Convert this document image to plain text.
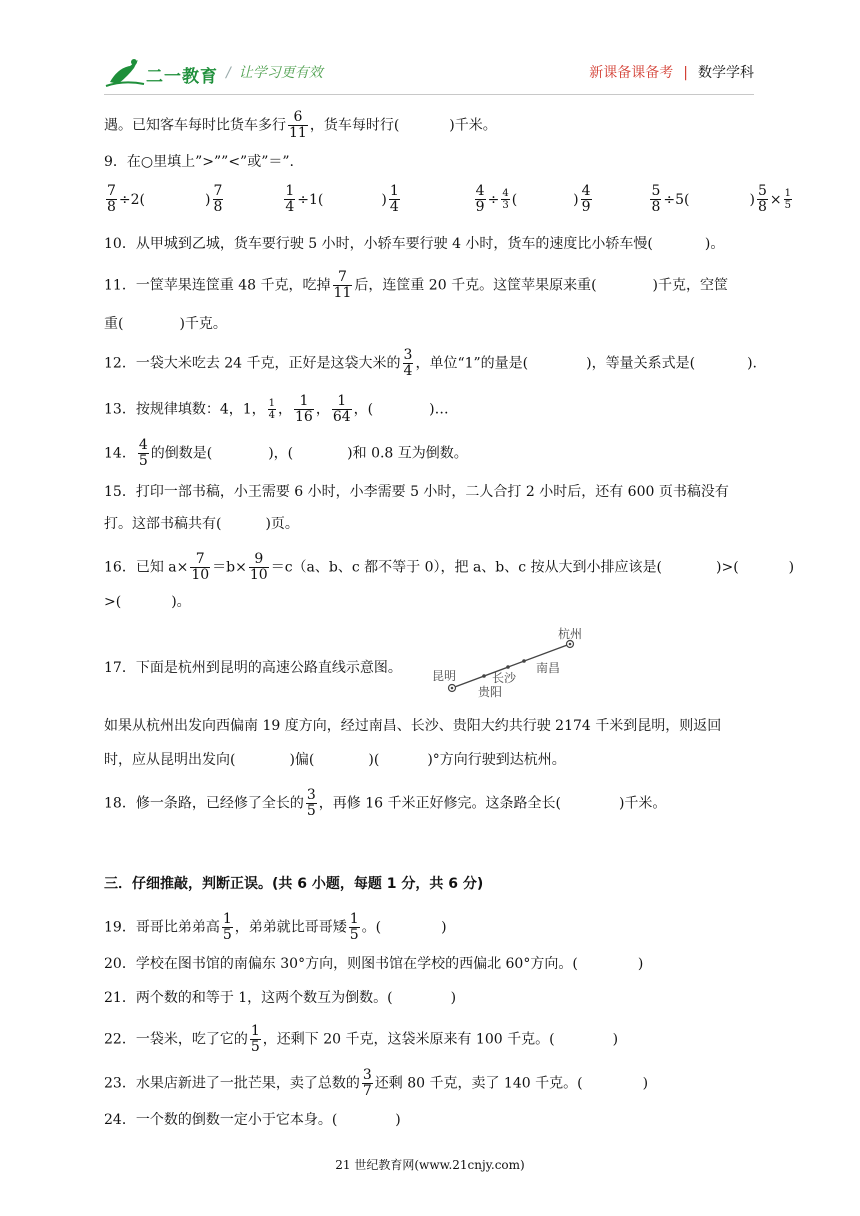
二一教育 / 让学习更有效	新课备课备考 | 数学学科
遇。已知客车每时比货车多行 $\frac{6}{11}$ ，货车每时行(	)千米。
9．在○里填上”>””<”或”＝”.
$\frac{7}{8} \div 2$(	) $\frac{7}{8}$
	$\frac{1}{4} \div 1$(	) $\frac{1}{4}$
	$\frac{4}{9} \div \frac{4}{3}$ (	) $\frac{4}{9}$
	$\frac{5}{8} \div 5$(	) $\frac{5}{8} \times \frac{1}{5}$
10．从甲城到乙城，货车要行驶 5 小时，小轿车要行驶 4 小时，货车的速度比小轿车慢(	)。
11．一筐苹果连筐重 48 千克，吃掉 $\frac{7}{11}$ 后，连筐重 20 千克。这筐苹果原来重(	)千克，空筐
重(	)千克。
12．一袋大米吃去 24 千克，正好是这袋大米的 $\frac{3}{4}$ ，单位“1”的量是(	)，等量关系式是(	).
13．按规律填数：4，1， $\frac{1}{4}$ ， $\frac{1}{16}$ ， $\frac{1}{64}$ ，(	)…
14． $\frac{4}{5}$ 的倒数是(	)，(	)和 0.8 互为倒数。
15．打印一部书稿，小王需要 6 小时，小李需要 5 小时，二人合打 2 小时后，还有 600 页书稿没有
打。这部书稿共有(	)页。
16．已知 $a\times \frac{7}{10} =b\times \frac{9}{10} =c(a$、b、c 都不等于 0），把 a、b、c 按从大到小排应该是(	)>(	)
>(	)。
17．下面是杭州到昆明的高速公路直线示意图。	昆明
贵阳
长沙
南昌
杭州
如果从杭州出发向西偏南 19 度方向，经过南昌、长沙、贵阳大约共行驶 2174 千米到昆明，则返回
时，应从昆明出发向(	)偏(	)(	)°方向行驶到达杭州。
18．修一条路，已经修了全长的 $\frac{3}{5}$ ，再修 16 千米正好修完。这条路全长(	)千米。
三．仔细推敲，判断正误。(共 6 小题，每题 1 分，共 6 分)
19．哥哥比弟弟高 $\frac{1}{5}$ ，弟弟就比哥哥矮 $\frac{1}{5}$ 。(	)
20．学校在图书馆的南偏东 30°方向，则图书馆在学校的西偏北 60°方向。(	)
21．两个数的和等于 1，这两个数互为倒数。(	)
22．一袋米，吃了它的 $\frac{1}{5}$ ，还剩下 20 千克，这袋米原来有 100 千克。(	)
23．水果店新进了一批芒果，卖了总数的 $\frac{3}{7}$ 还剩 80 千克，卖了 140 千克。(	)
24．一个数的倒数一定小于它本身。(	)
21 世纪教育网(www.21cnjy.com)
